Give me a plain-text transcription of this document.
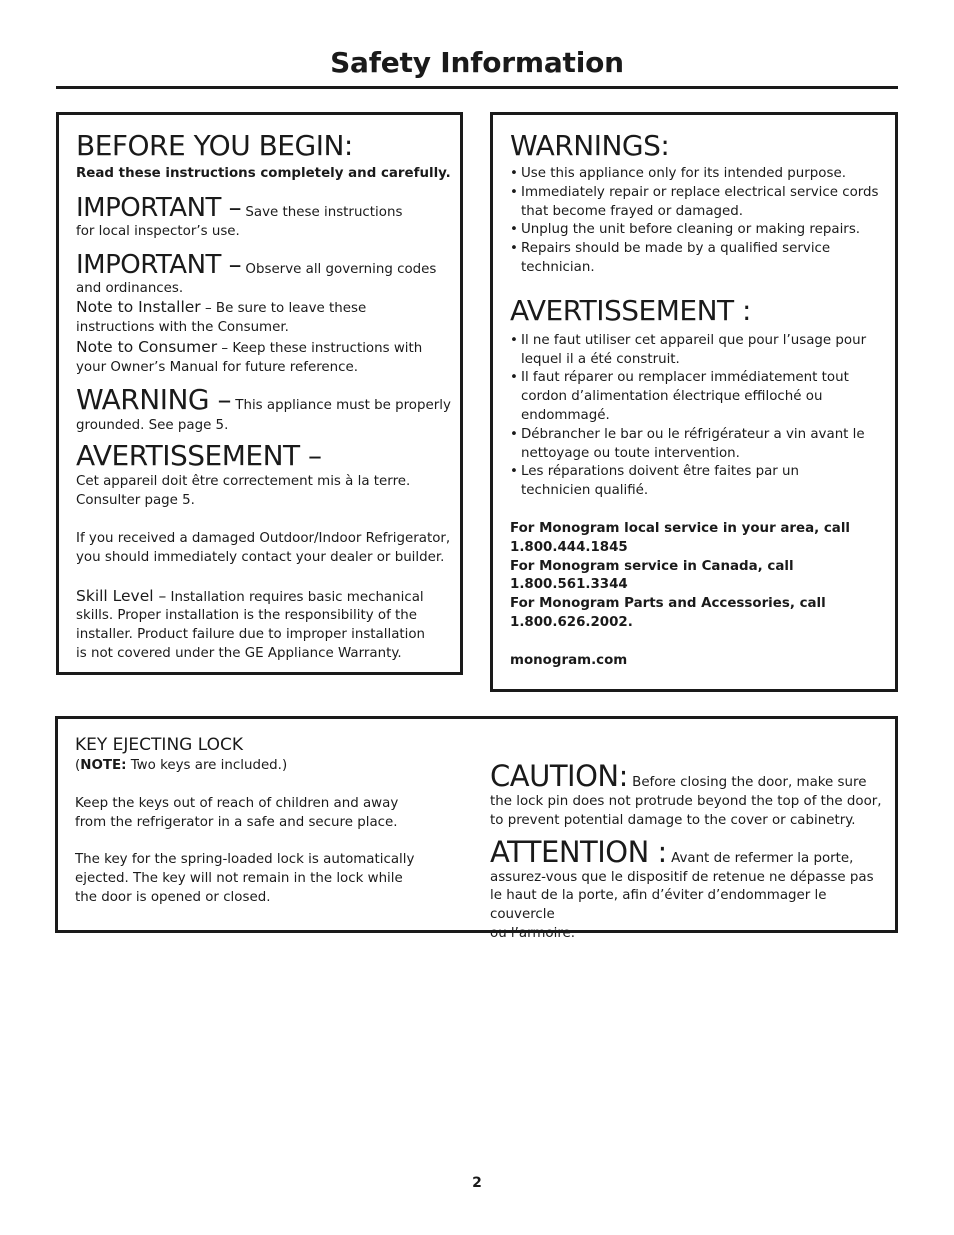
Safety Information
BEFORE YOU BEGIN:

Read these instructions completely and carefully.

IMPORTANT – Save these instructions
for local inspector’s use.
IMPORTANT – Observe all governing codes
and ordinances.
Note to Installer – Be sure to leave these
instructions with the Consumer.
Note to Consumer – Keep these instructions with
your Owner’s Manual for future reference.
WARNING – This appliance must be properly
grounded. See page 5.
AVERTISSEMENT –
Cet appareil doit être correctement mis à la terre.
Consulter page 5.
If you received a damaged Outdoor/Indoor Refrigerator,
you should immediately contact your dealer or builder.
Skill Level – Installation requires basic mechanical
skills. Proper installation is the responsibility of the
installer. Product failure due to improper installation
is not covered under the GE Appliance Warranty.
WARNINGS:
• Use this appliance only for its intended purpose.
• Immediately repair or replace electrical service cords that become frayed or damaged.
• Unplug the unit before cleaning or making repairs.
• Repairs should be made by a qualified service technician.
AVERTISSEMENT :
• Il ne faut utiliser cet appareil que pour l’usage pour lequel il a été construit.
• Il faut réparer ou remplacer immédiatement tout cordon d’alimentation électrique effiloché ou endommagé.
• Débrancher le bar ou le réfrigérateur a vin avant le nettoyage ou toute intervention.
• Les réparations doivent être faites par un technicien qualifié.
For Monogram local service in your area, call
1.800.444.1845
For Monogram service in Canada, call
1.800.561.3344
For Monogram Parts and Accessories, call
1.800.626.2002.
monogram.com
KEY EJECTING LOCK
(NOTE: Two keys are included.)
Keep the keys out of reach of children and away
from the refrigerator in a safe and secure place.
The key for the spring-loaded lock is automatically
ejected. The key will not remain in the lock while
the door is opened or closed.
CAUTION: Before closing the door, make sure
the lock pin does not protrude beyond the top of the door,
to prevent potential damage to the cover or cabinetry.
ATTENTION : Avant de refermer la porte,
assurez-vous que le dispositif de retenue ne dépasse pas
le haut de la porte, afin d’éviter d’endommager le couvercle
ou l’armoire.
2
